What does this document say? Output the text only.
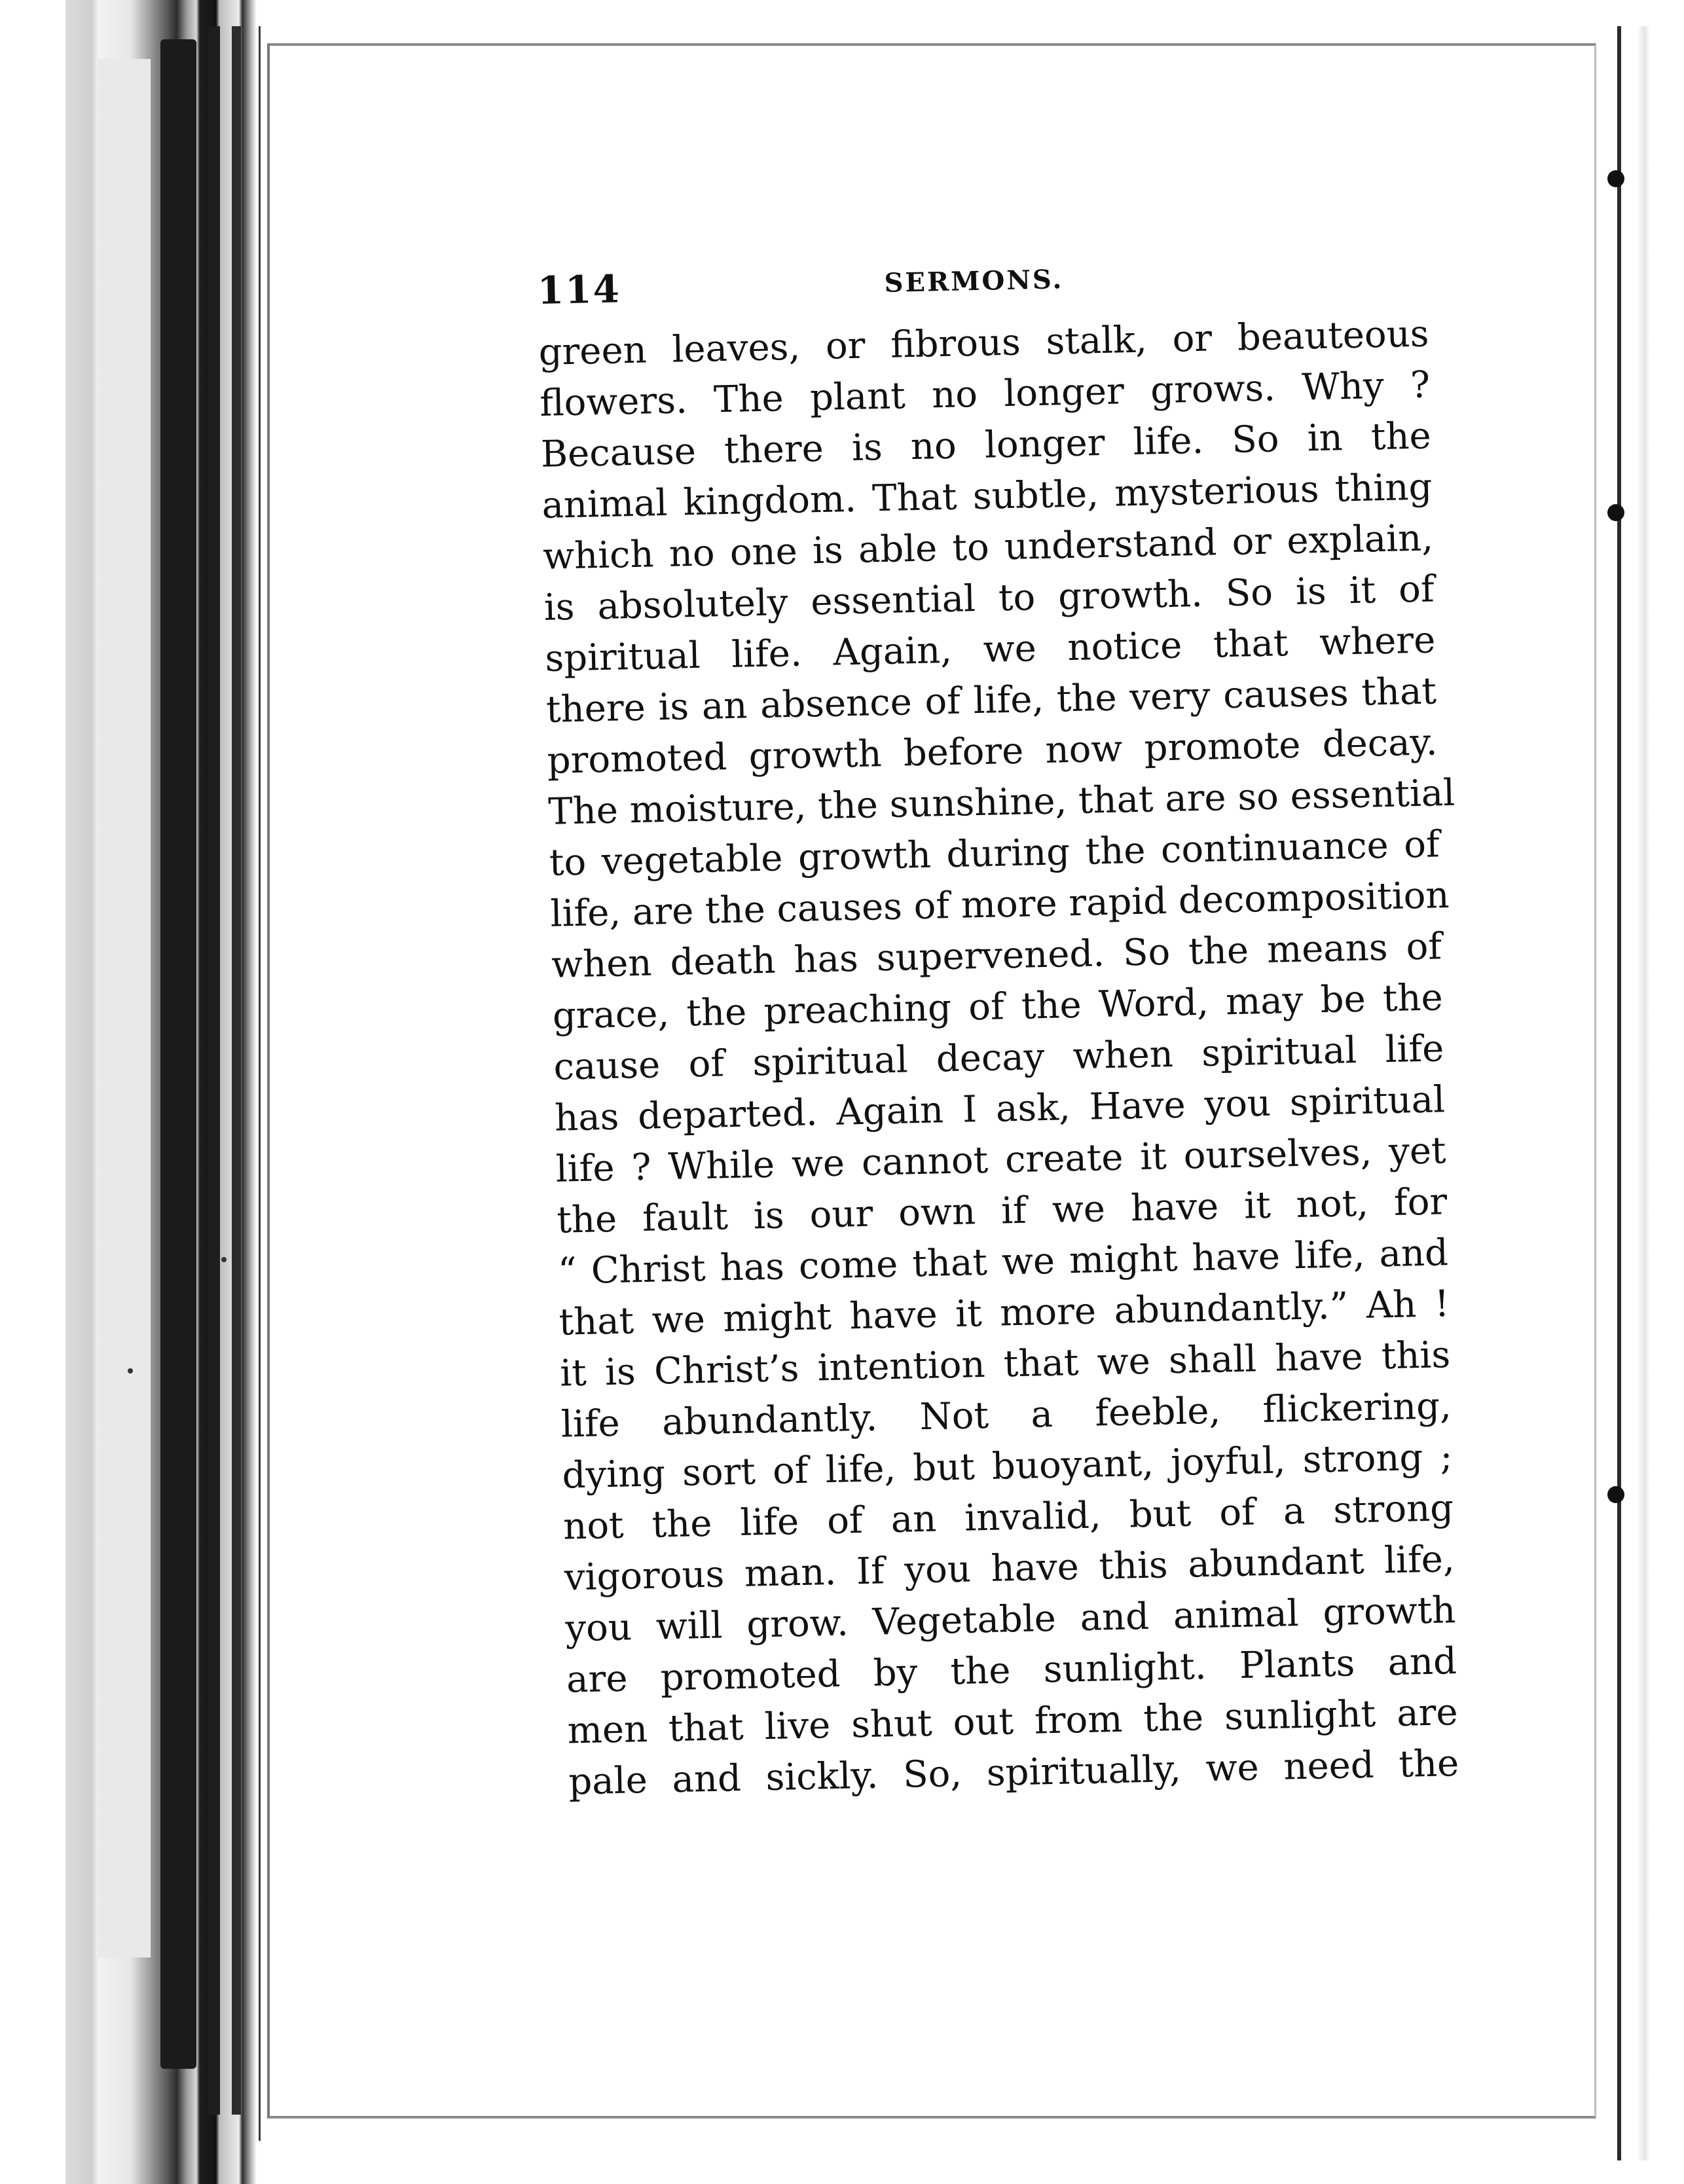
114	SERMONS.
green leaves, or fibrous stalk, or beauteous
flowers. The plant no longer grows. Why ?
Because there is no longer life. So in the
animal kingdom. That subtle, mysterious thing
which no one is able to understand or explain,
is absolutely essential to growth. So is it of
spiritual life. Again, we notice that where
there is an absence of life, the very causes that
promoted growth before now promote decay.
The moisture, the sunshine, that are so essential
to vegetable growth during the continuance of
life, are the causes of more rapid decomposition
when death has supervened. So the means of
grace, the preaching of the Word, may be the
cause of spiritual decay when spiritual life
has departed. Again I ask, Have you spiritual
life ? While we cannot create it ourselves, yet
the fault is our own if we have it not, for
“ Christ has come that we might have life, and
that we might have it more abundantly.” Ah !
it is Christ’s intention that we shall have this
life abundantly. Not a feeble, flickering,
dying sort of life, but buoyant, joyful, strong ;
not the life of an invalid, but of a strong
vigorous man. If you have this abundant life,
you will grow. Vegetable and animal growth
are promoted by the sunlight. Plants and
men that live shut out from the sunlight are
pale and sickly. So, spiritually, we need the
